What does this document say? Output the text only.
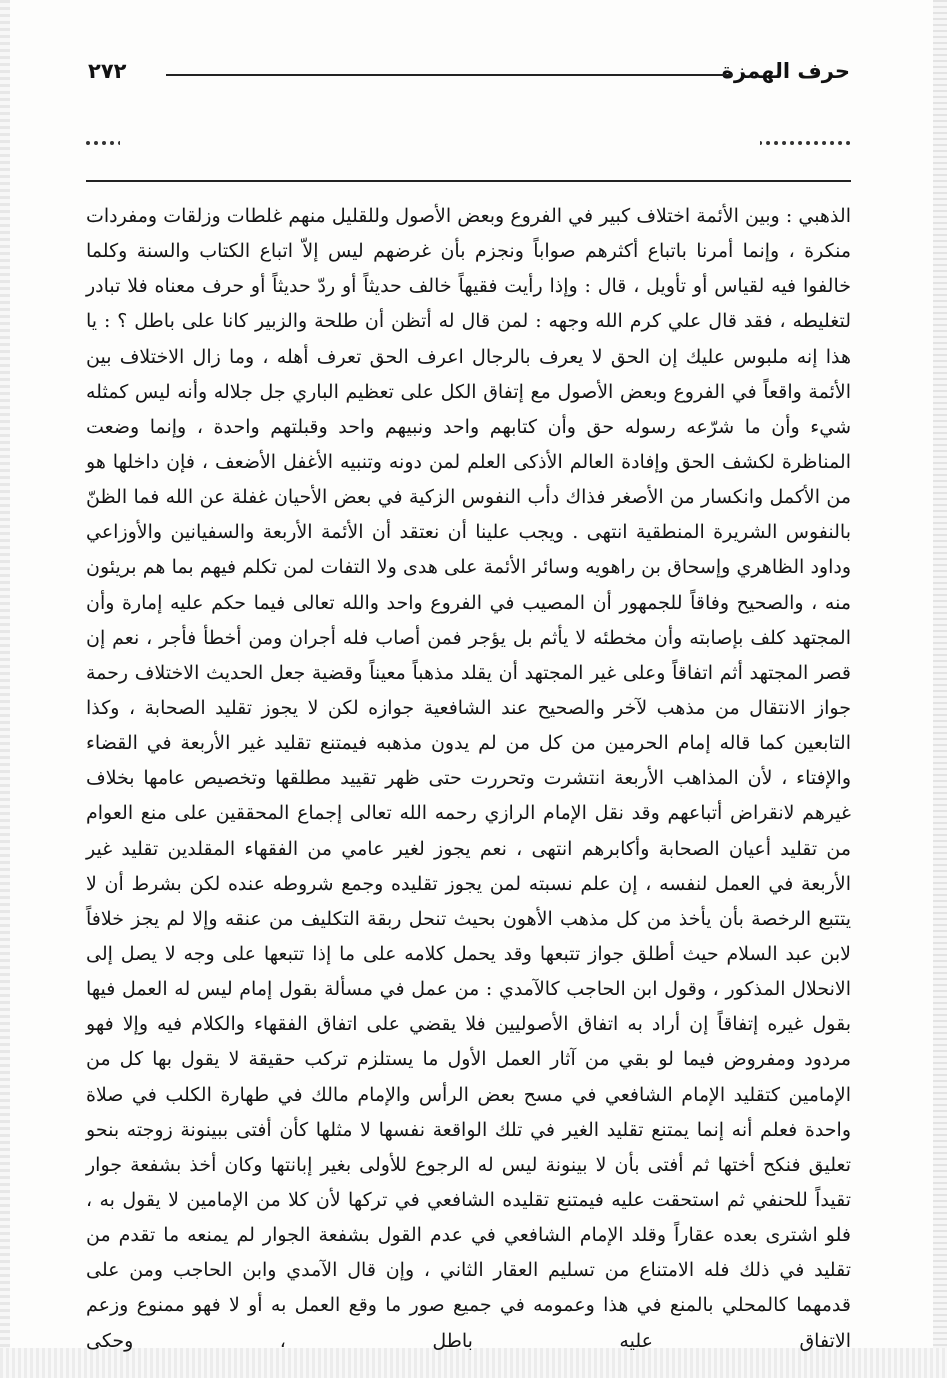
حرف الهمزة
٢٧٢

الذهبي : وبين الأئمة اختلاف كبير في الفروع وبعض الأصول وللقليل منهم غلطات وزلقات ومفردات منكرة ، وإنما أمرنا باتباع أكثرهم صواباً ونجزم بأن غرضهم ليس إلاّ اتباع الكتاب والسنة وكلما خالفوا فيه لقياس أو تأويل ، قال : وإذا رأيت فقيهاً خالف حديثاً أو ردّ حديثاً أو حرف معناه فلا تبادر لتغليطه ، فقد قال علي كرم الله وجهه : لمن قال له أتظن أن طلحة والزبير كانا على باطل ؟ : يا هذا إنه ملبوس عليك إن الحق لا يعرف بالرجال اعرف الحق تعرف أهله ، وما زال الاختلاف بين الأئمة واقعاً في الفروع وبعض الأصول مع إتفاق الكل على تعظيم الباري جل جلاله وأنه ليس كمثله شيء وأن ما شرّعه رسوله حق وأن كتابهم واحد ونبيهم واحد وقبلتهم واحدة ، وإنما وضعت المناظرة لكشف الحق وإفادة العالم الأذكى العلم لمن دونه وتنبيه الأغفل الأضعف ، فإن داخلها هو من الأكمل وانكسار من الأصغر فذاك دأب النفوس الزكية في بعض الأحيان غفلة عن الله فما الظنّ بالنفوس الشريرة المنطقية انتهى . ويجب علينا أن نعتقد أن الأئمة الأربعة والسفيانين والأوزاعي وداود الظاهري وإسحاق بن راهويه وسائر الأئمة على هدى ولا التفات لمن تكلم فيهم بما هم بريئون منه ، والصحيح وفاقاً للجمهور أن المصيب في الفروع واحد والله تعالى فيما حكم عليه إمارة وأن المجتهد كلف بإصابته وأن مخطئه لا يأثم بل يؤجر فمن أصاب فله أجران ومن أخطأ فأجر ، نعم إن قصر المجتهد أثم اتفاقاً وعلى غير المجتهد أن يقلد مذهباً معيناً وقضية جعل الحديث الاختلاف رحمة جواز الانتقال من مذهب لآخر والصحيح عند الشافعية جوازه لكن لا يجوز تقليد الصحابة ، وكذا التابعين كما قاله إمام الحرمين من كل من لم يدون مذهبه فيمتنع تقليد غير الأربعة في القضاء والإفتاء ، لأن المذاهب الأربعة انتشرت وتحررت حتى ظهر تقييد مطلقها وتخصيص عامها بخلاف غيرهم لانقراض أتباعهم وقد نقل الإمام الرازي رحمه الله تعالى إجماع المحققين على منع العوام من تقليد أعيان الصحابة وأكابرهم انتهى ، نعم يجوز لغير عامي من الفقهاء المقلدين تقليد غير الأربعة في العمل لنفسه ، إن علم نسبته لمن يجوز تقليده وجمع شروطه عنده لكن بشرط أن لا يتتبع الرخصة بأن يأخذ من كل مذهب الأهون بحيث تنحل ربقة التكليف من عنقه وإلا لم يجز خلافاً لابن عبد السلام حيث أطلق جواز تتبعها وقد يحمل كلامه على ما إذا تتبعها على وجه لا يصل إلى الانحلال المذكور ، وقول ابن الحاجب كالآمدي : من عمل في مسألة بقول إمام ليس له العمل فيها بقول غيره إتفاقاً إن أراد به اتفاق الأصوليين فلا يقضي على اتفاق الفقهاء والكلام فيه وإلا فهو مردود ومفروض فيما لو بقي من آثار العمل الأول ما يستلزم تركب حقيقة لا يقول بها كل من الإمامين كتقليد الإمام الشافعي في مسح بعض الرأس والإمام مالك في طهارة الكلب في صلاة واحدة فعلم أنه إنما يمتنع تقليد الغير في تلك الواقعة نفسها لا مثلها كأن أفتى ببينونة زوجته بنحو تعليق فنكح أختها ثم أفتى بأن لا بينونة ليس له الرجوع للأولى بغير إبانتها وكان أخذ بشفعة جوار تقيداً للحنفي ثم استحقت عليه فيمتنع تقليده الشافعي في تركها لأن كلا من الإمامين لا يقول به ، فلو اشترى بعده عقاراً وقلد الإمام الشافعي في عدم القول بشفعة الجوار لم يمنعه ما تقدم من تقليد في ذلك فله الامتناع من تسليم العقار الثاني ، وإن قال الآمدي وابن الحاجب ومن على قدمهما كالمحلي بالمنع في هذا وعمومه في جميع صور ما وقع العمل به أو لا فهو ممنوع وزعم الاتفاق عليه باطل ، وحكى
